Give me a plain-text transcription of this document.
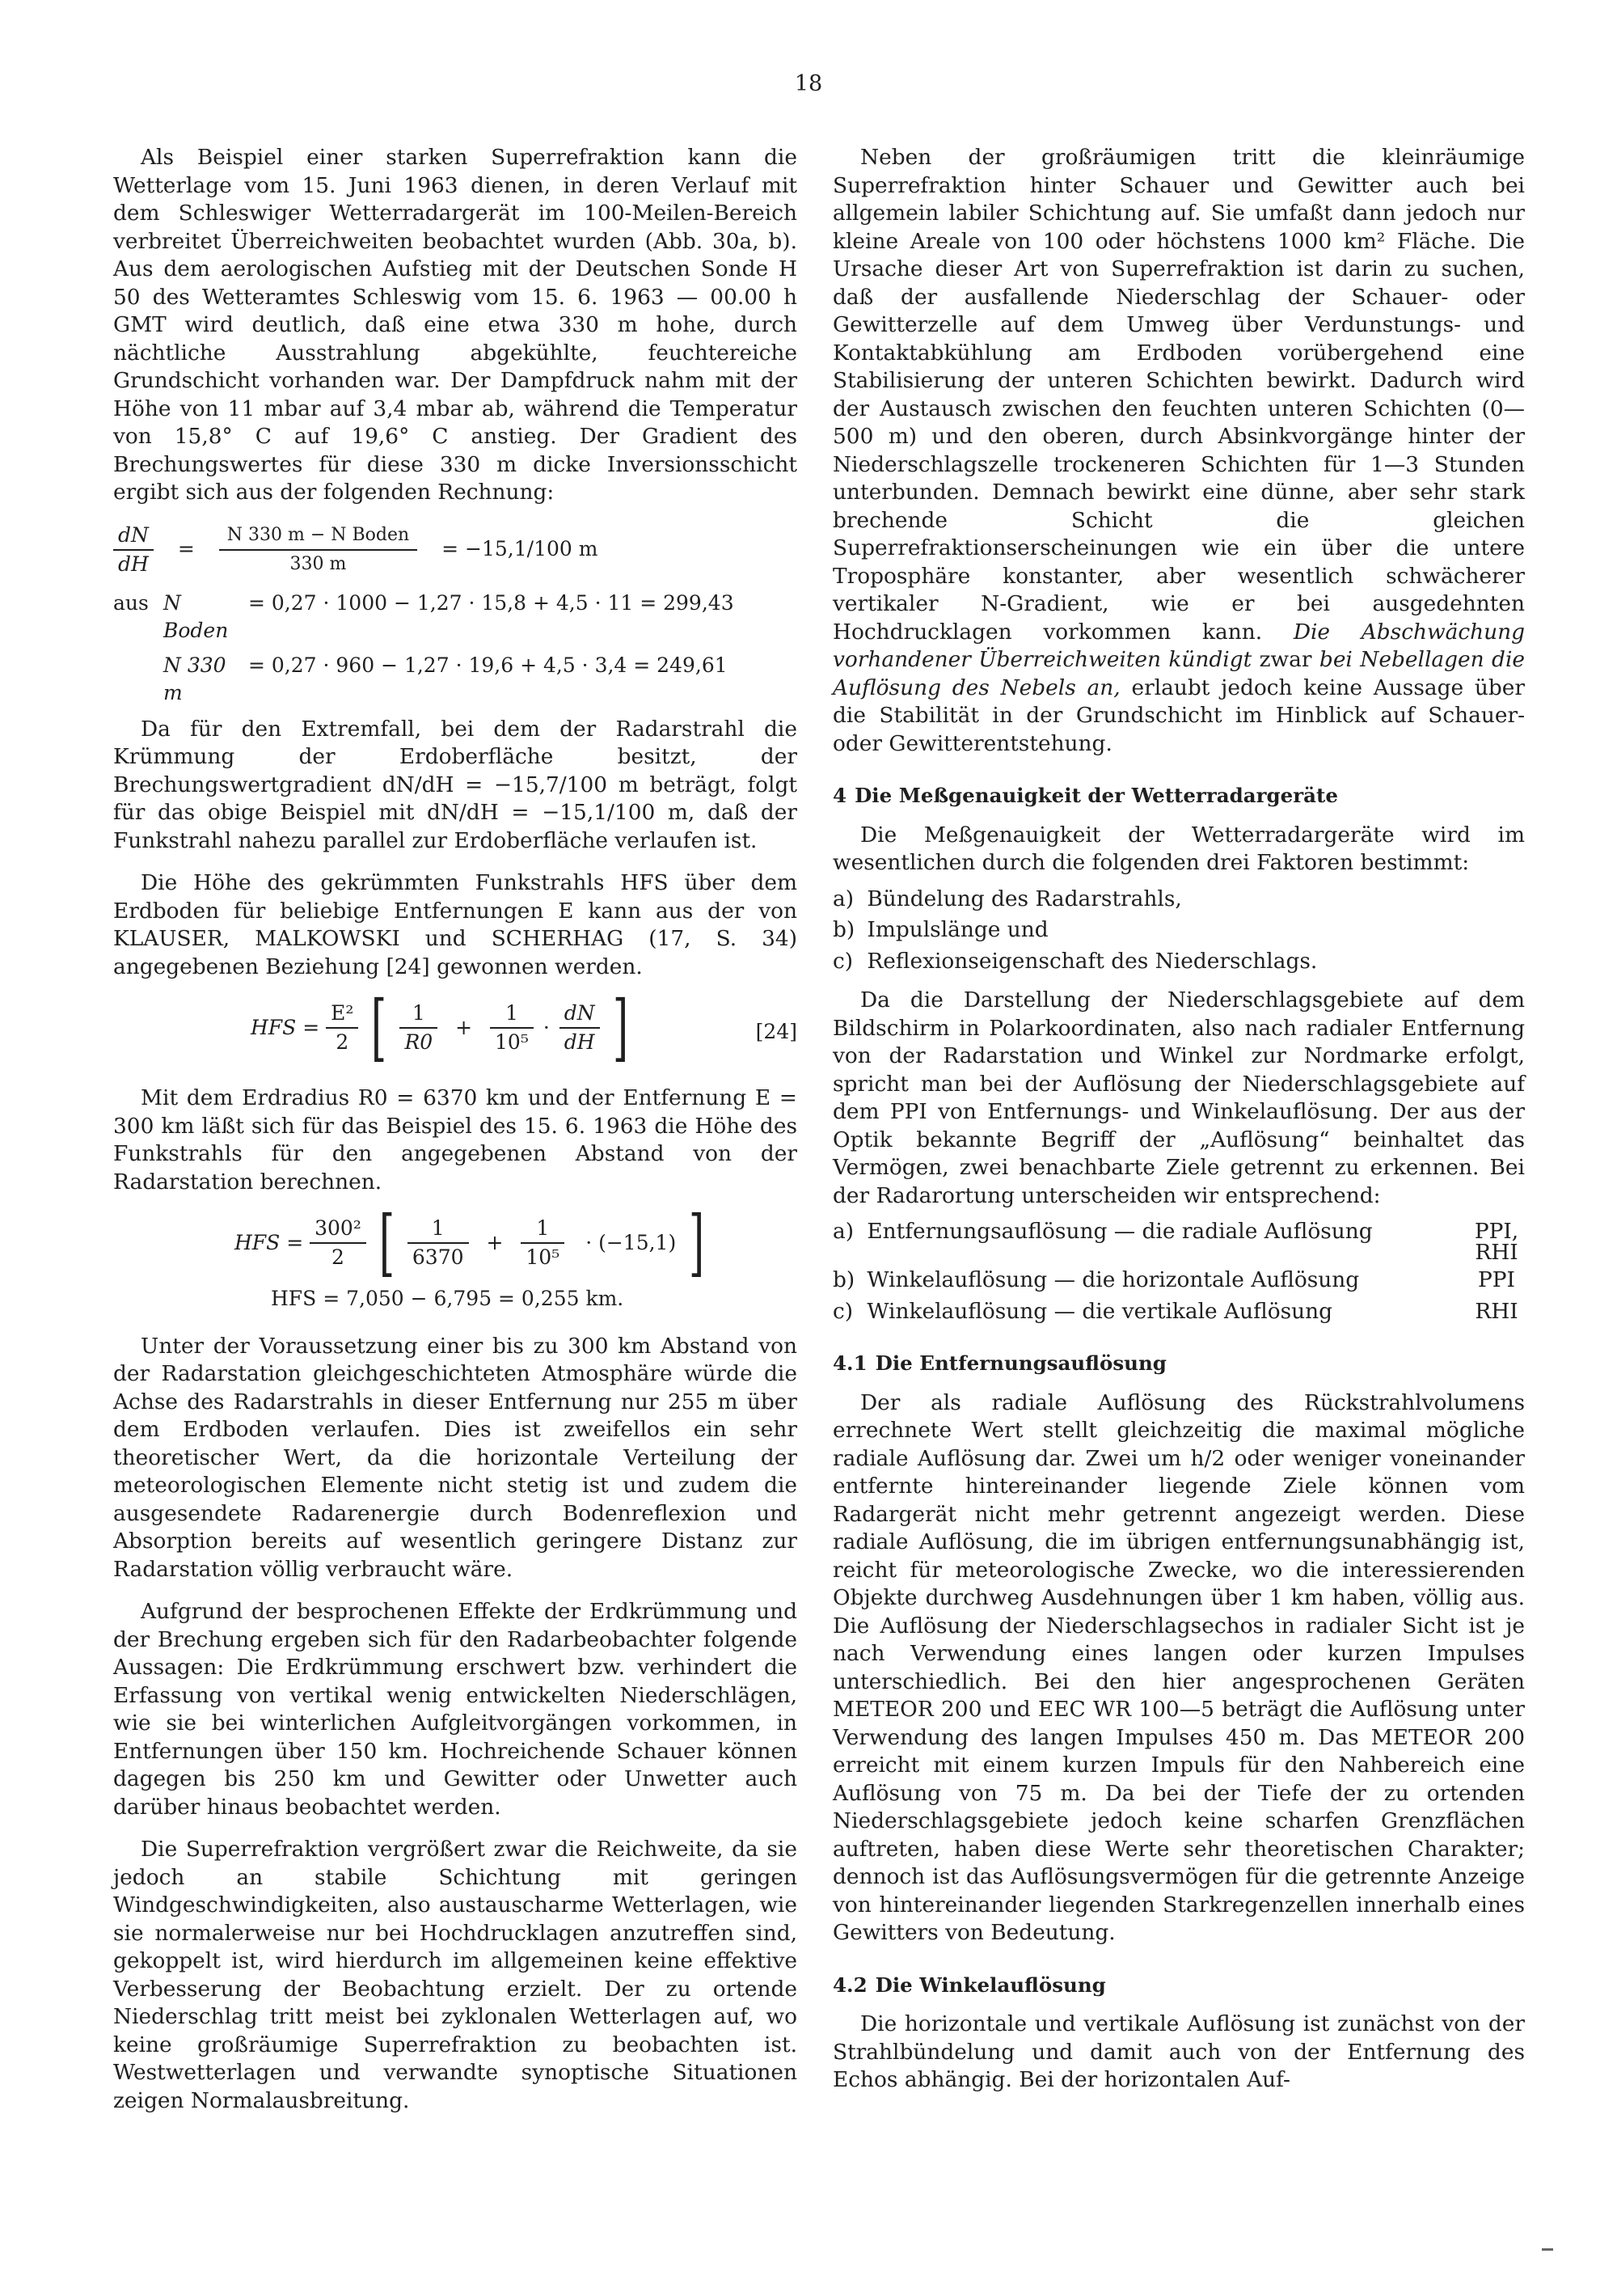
18

Als Beispiel einer starken Superrefraktion kann die Wetterlage vom 15. Juni 1963 dienen, in deren Verlauf mit dem Schleswiger Wetterradargerät im 100-Meilen-Bereich verbreitet Überreichweiten beobachtet wurden (Abb. 30a, b). Aus dem aerologischen Aufstieg mit der Deutschen Sonde H 50 des Wetteramtes Schleswig vom 15. 6. 1963 — 00.00 h GMT wird deutlich, daß eine etwa 330 m hohe, durch nächtliche Ausstrahlung abgekühlte, feuchtereiche Grundschicht vorhanden war. Der Dampfdruck nahm mit der Höhe von 11 mbar auf 3,4 mbar ab, während die Temperatur von 15,8° C auf 19,6° C anstieg. Der Gradient des Brechungswertes für diese 330 m dicke Inversionsschicht ergibt sich aus der folgenden Rechnung:

$\frac{dN}{dH} = \frac{\text{N 330 m − N Boden}}{330 m} = -15,1/100$ m
aus N Boden
= 0,27 · 1000 − 1,27 · 15,8 + 4,5 · 11 = 299,43
N 330 m
= 0,27 · 960 − 1,27 · 19,6 + 4,5 · 3,4 = 249,61

Da für den Extremfall, bei dem der Radarstrahl die Krümmung der Erdoberfläche besitzt, der Brechungswertgradient dN/dH = −15,7/100 m beträgt, folgt für das obige Beispiel mit dN/dH = −15,1/100 m, daß der Funkstrahl nahezu parallel zur Erdoberfläche verlaufen ist.

Die Höhe des gekrümmten Funkstrahls HFS über dem Erdboden für beliebige Entfernungen E kann aus der von KLAUSER, MALKOWSKI und SCHERHAG (17, S. 34) angegebenen Beziehung [24] gewonnen werden.

HFS = $\frac{\text{E²}}{2}$ [ $\frac{1}{R0} + \frac{1}{\text{10⁵}} \cdot \frac{dN}{dH}$ ]	[24]

Mit dem Erdradius R0 = 6370 km und der Entfernung E = 300 km läßt sich für das Beispiel des 15. 6. 1963 die Höhe des Funkstrahls für den angegebenen Abstand von der Radarstation berechnen.

HFS = $\frac{\text{300²}}{2}$ [ $\frac{1}{6370} + \frac{1}{\text{10⁵}} \cdot (-15,1)$ ]
HFS = 7,050 − 6,795 = 0,255 km.

Unter der Voraussetzung einer bis zu 300 km Abstand von der Radarstation gleichgeschichteten Atmosphäre würde die Achse des Radarstrahls in dieser Entfernung nur 255 m über dem Erdboden verlaufen. Dies ist zweifellos ein sehr theoretischer Wert, da die horizontale Verteilung der meteorologischen Elemente nicht stetig ist und zudem die ausgesendete Radarenergie durch Bodenreflexion und Absorption bereits auf wesentlich geringere Distanz zur Radarstation völlig verbraucht wäre.

Aufgrund der besprochenen Effekte der Erdkrümmung und der Brechung ergeben sich für den Radarbeobachter folgende Aussagen: Die Erdkrümmung erschwert bzw. verhindert die Erfassung von vertikal wenig entwickelten Niederschlägen, wie sie bei winterlichen Aufgleitvorgängen vorkommen, in Entfernungen über 150 km. Hochreichende Schauer können dagegen bis 250 km und Gewitter oder Unwetter auch darüber hinaus beobachtet werden.

Die Superrefraktion vergrößert zwar die Reichweite, da sie jedoch an stabile Schichtung mit geringen Windgeschwindigkeiten, also austauscharme Wetterlagen, wie sie normalerweise nur bei Hochdrucklagen anzutreffen sind, gekoppelt ist, wird hierdurch im allgemeinen keine effektive Verbesserung der Beobachtung erzielt. Der zu ortende Niederschlag tritt meist bei zyklonalen Wetterlagen auf, wo keine großräumige Superrefraktion zu beobachten ist. Westwetterlagen und verwandte synoptische Situationen zeigen Normalausbreitung.

Neben der großräumigen tritt die kleinräumige Superrefraktion hinter Schauer und Gewitter auch bei allgemein labiler Schichtung auf. Sie umfaßt dann jedoch nur kleine Areale von 100 oder höchstens 1000 km² Fläche. Die Ursache dieser Art von Superrefraktion ist darin zu suchen, daß der ausfallende Niederschlag der Schauer- oder Gewitterzelle auf dem Umweg über Verdunstungs- und Kontaktabkühlung am Erdboden vorübergehend eine Stabilisierung der unteren Schichten bewirkt. Dadurch wird der Austausch zwischen den feuchten unteren Schichten (0—500 m) und den oberen, durch Absinkvorgänge hinter der Niederschlagszelle trockeneren Schichten für 1—3 Stunden unterbunden. Demnach bewirkt eine dünne, aber sehr stark brechende Schicht die gleichen Superrefraktionserscheinungen wie ein über die untere Troposphäre konstanter, aber wesentlich schwächerer vertikaler N-Gradient, wie er bei ausgedehnten Hochdrucklagen vorkommen kann. Die Abschwächung vorhandener Überreichweiten kündigt zwar bei Nebellagen die Auflösung des Nebels an, erlaubt jedoch keine Aussage über die Stabilität in der Grundschicht im Hinblick auf Schauer- oder Gewitterentstehung.

4 Die Meßgenauigkeit der Wetterradargeräte

Die Meßgenauigkeit der Wetterradargeräte wird im wesentlichen durch die folgenden drei Faktoren bestimmt:

a) Bündelung des Radarstrahls,
b) Impulslänge und
c) Reflexionseigenschaft des Niederschlags.

Da die Darstellung der Niederschlagsgebiete auf dem Bildschirm in Polarkoordinaten, also nach radialer Entfernung von der Radarstation und Winkel zur Nordmarke erfolgt, spricht man bei der Auflösung der Niederschlagsgebiete auf dem PPI von Entfernungs- und Winkelauflösung. Der aus der Optik bekannte Begriff der „Auflösung“ beinhaltet das Vermögen, zwei benachbarte Ziele getrennt zu erkennen. Bei der Radarortung unterscheiden wir entsprechend:

a) Entfernungsauflösung — die radiale Auflösung	PPI, RHI
b) Winkelauflösung — die horizontale Auflösung	PPI
c) Winkelauflösung — die vertikale Auflösung	RHI
4.1 Die Entfernungsauflösung

Der als radiale Auflösung des Rückstrahlvolumens errechnete Wert stellt gleichzeitig die maximal mögliche radiale Auflösung dar. Zwei um h/2 oder weniger voneinander entfernte hintereinander liegende Ziele können vom Radargerät nicht mehr getrennt angezeigt werden. Diese radiale Auflösung, die im übrigen entfernungsunabhängig ist, reicht für meteorologische Zwecke, wo die interessierenden Objekte durchweg Ausdehnungen über 1 km haben, völlig aus. Die Auflösung der Niederschlagsechos in radialer Sicht ist je nach Verwendung eines langen oder kurzen Impulses unterschiedlich. Bei den hier angesprochenen Geräten METEOR 200 und EEC WR 100—5 beträgt die Auflösung unter Verwendung des langen Impulses 450 m. Das METEOR 200 erreicht mit einem kurzen Impuls für den Nahbereich eine Auflösung von 75 m. Da bei der Tiefe der zu ortenden Niederschlagsgebiete jedoch keine scharfen Grenzflächen auftreten, haben diese Werte sehr theoretischen Charakter; dennoch ist das Auflösungsvermögen für die getrennte Anzeige von hintereinander liegenden Starkregenzellen innerhalb eines Gewitters von Bedeutung.

4.2 Die Winkelauflösung

Die horizontale und vertikale Auflösung ist zunächst von der Strahlbündelung und damit auch von der Entfernung des Echos abhängig. Bei der horizontalen Auf-
